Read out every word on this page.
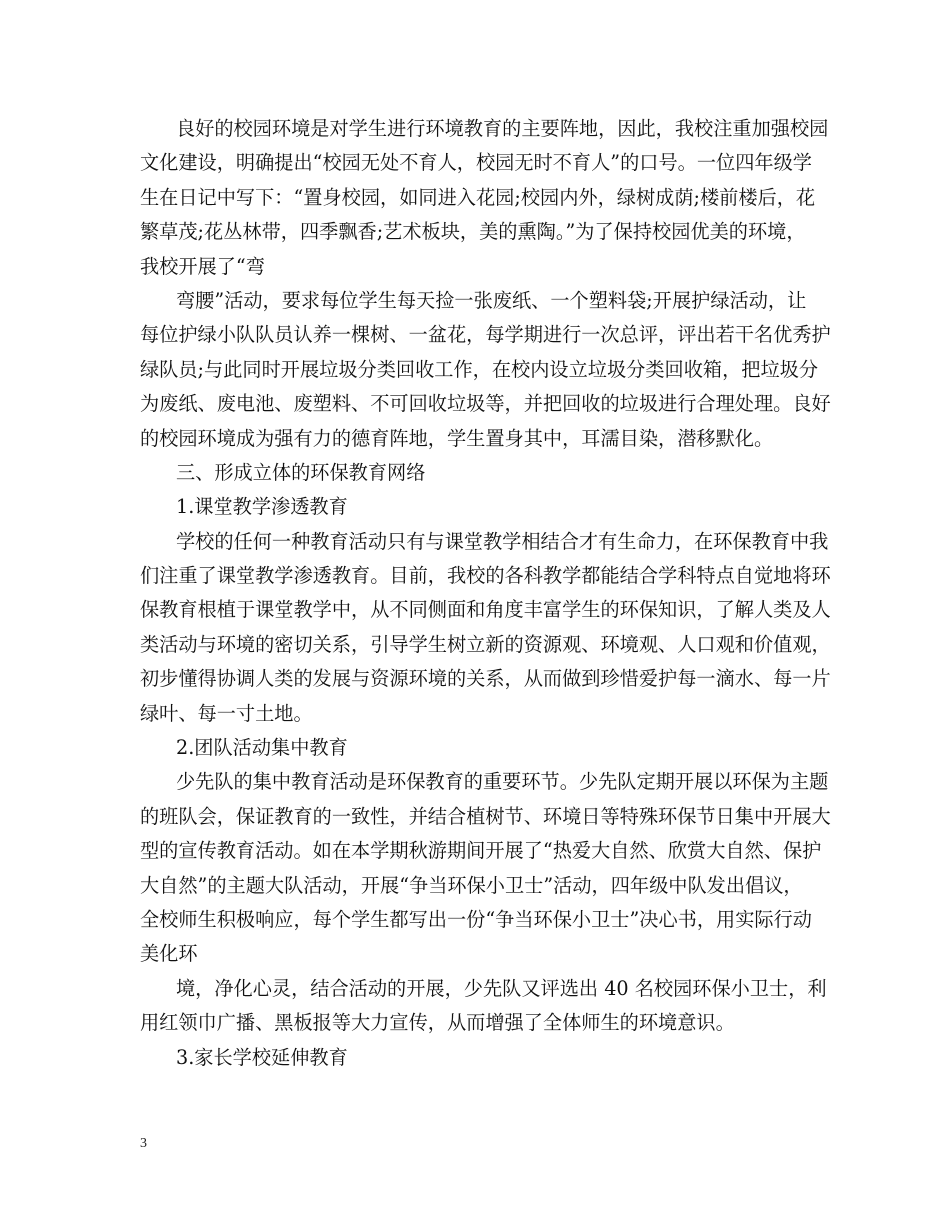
良好的校园环境是对学生进行环境教育的主要阵地，因此，我校注重加强校园
文化建设，明确提出“校园无处不育人，校园无时不育人”的口号。一位四年级学
生在日记中写下：“置身校园，如同进入花园;校园内外，绿树成荫;楼前楼后，花
繁草茂;花丛林带，四季飘香;艺术板块，美的熏陶。”为了保持校园优美的环境，
我校开展了“弯
弯腰”活动，要求每位学生每天捡一张废纸、一个塑料袋;开展护绿活动，让
每位护绿小队队员认养一棵树、一盆花，每学期进行一次总评，评出若干名优秀护
绿队员;与此同时开展垃圾分类回收工作，在校内设立垃圾分类回收箱，把垃圾分
为废纸、废电池、废塑料、不可回收垃圾等，并把回收的垃圾进行合理处理。良好
的校园环境成为强有力的德育阵地，学生置身其中，耳濡目染，潜移默化。
三、形成立体的环保教育网络
1.课堂教学渗透教育
学校的任何一种教育活动只有与课堂教学相结合才有生命力，在环保教育中我
们注重了课堂教学渗透教育。目前，我校的各科教学都能结合学科特点自觉地将环
保教育根植于课堂教学中，从不同侧面和角度丰富学生的环保知识，了解人类及人
类活动与环境的密切关系，引导学生树立新的资源观、环境观、人口观和价值观，
初步懂得协调人类的发展与资源环境的关系，从而做到珍惜爱护每一滴水、每一片
绿叶、每一寸土地。
2.团队活动集中教育
少先队的集中教育活动是环保教育的重要环节。少先队定期开展以环保为主题
的班队会，保证教育的一致性，并结合植树节、环境日等特殊环保节日集中开展大
型的宣传教育活动。如在本学期秋游期间开展了“热爱大自然、欣赏大自然、保护
大自然”的主题大队活动，开展“争当环保小卫士”活动，四年级中队发出倡议，
全校师生积极响应，每个学生都写出一份“争当环保小卫士”决心书，用实际行动
美化环
境，净化心灵，结合活动的开展，少先队又评选出 40 名校园环保小卫士，利
用红领巾广播、黑板报等大力宣传，从而增强了全体师生的环境意识。
3.家长学校延伸教育
3
